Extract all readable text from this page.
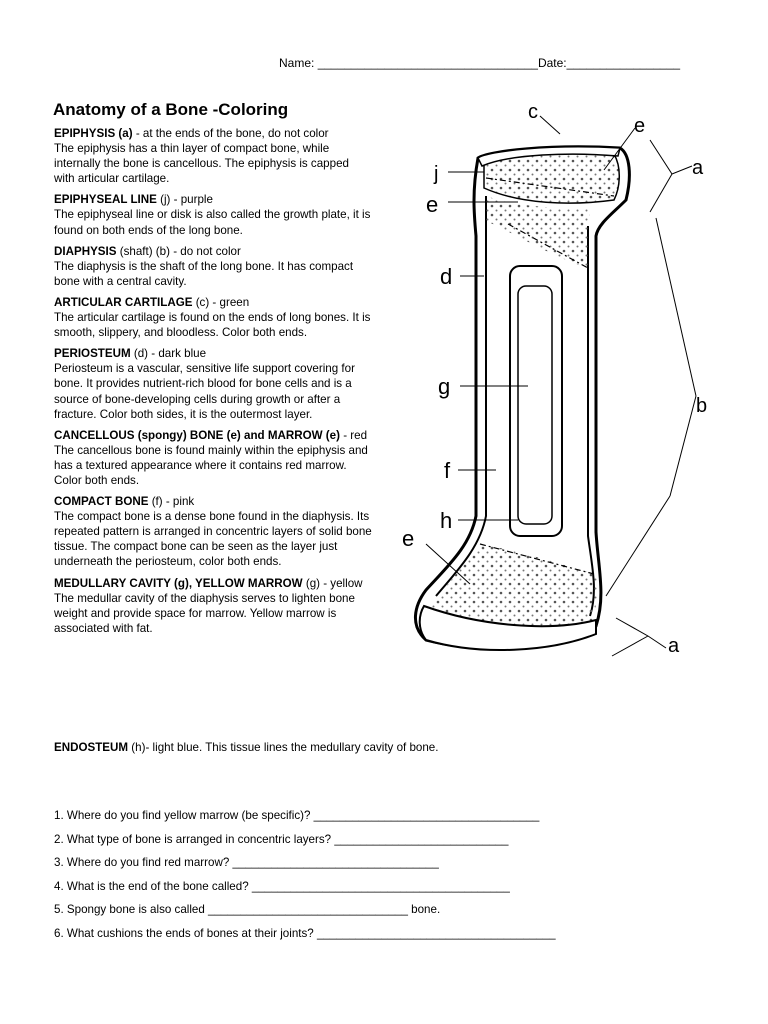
Name: _________________________________Date:_________________
Anatomy of a Bone -Coloring
EPIPHYSIS (a) - at the ends of the bone, do not color
The epiphysis has a thin layer of compact bone, while internally the bone is cancellous. The epiphysis is capped with articular cartilage.
EPIPHYSEAL LINE (j) - purple
The epiphyseal line or disk is also called the growth plate, it is found on both ends of the long bone.
DIAPHYSIS (shaft) (b) - do not color
The diaphysis is the shaft of the long bone. It has compact bone with a central cavity.
ARTICULAR CARTILAGE (c) - green
The articular cartilage is found on the ends of long bones. It is smooth, slippery, and bloodless. Color both ends.
PERIOSTEUM (d) - dark blue
Periosteum is a vascular, sensitive life support covering for bone. It provides nutrient-rich blood for bone cells and is a source of bone-developing cells during growth or after a fracture. Color both sides, it is the outermost layer.
CANCELLOUS (spongy) BONE (e) and MARROW (e) - red
The cancellous bone is found mainly within the epiphysis and has a textured appearance where it contains red marrow. Color both ends.
COMPACT BONE (f) - pink
The compact bone is a dense bone found in the diaphysis. Its repeated pattern is arranged in concentric layers of solid bone tissue. The compact bone can be seen as the layer just underneath the periosteum, color both ends.
MEDULLARY CAVITY (g), YELLOW MARROW (g) - yellow
The medullar cavity of the diaphysis serves to lighten bone weight and provide space for marrow. Yellow marrow is associated with fat.
ENDOSTEUM (h)- light blue. This tissue lines the medullary cavity of bone.
1. Where do you find yellow marrow (be specific)? ___________________________________
2. What type of bone is arranged in concentric layers? ___________________________
3. Where do you find red marrow? ________________________________
4. What is the end of the bone called? ________________________________________
5. Spongy bone is also called _______________________________ bone.
6. What cushions the ends of bones at their joints? _____________________________________
c
e
j
e
d
g
f
h
e
a
b
a
